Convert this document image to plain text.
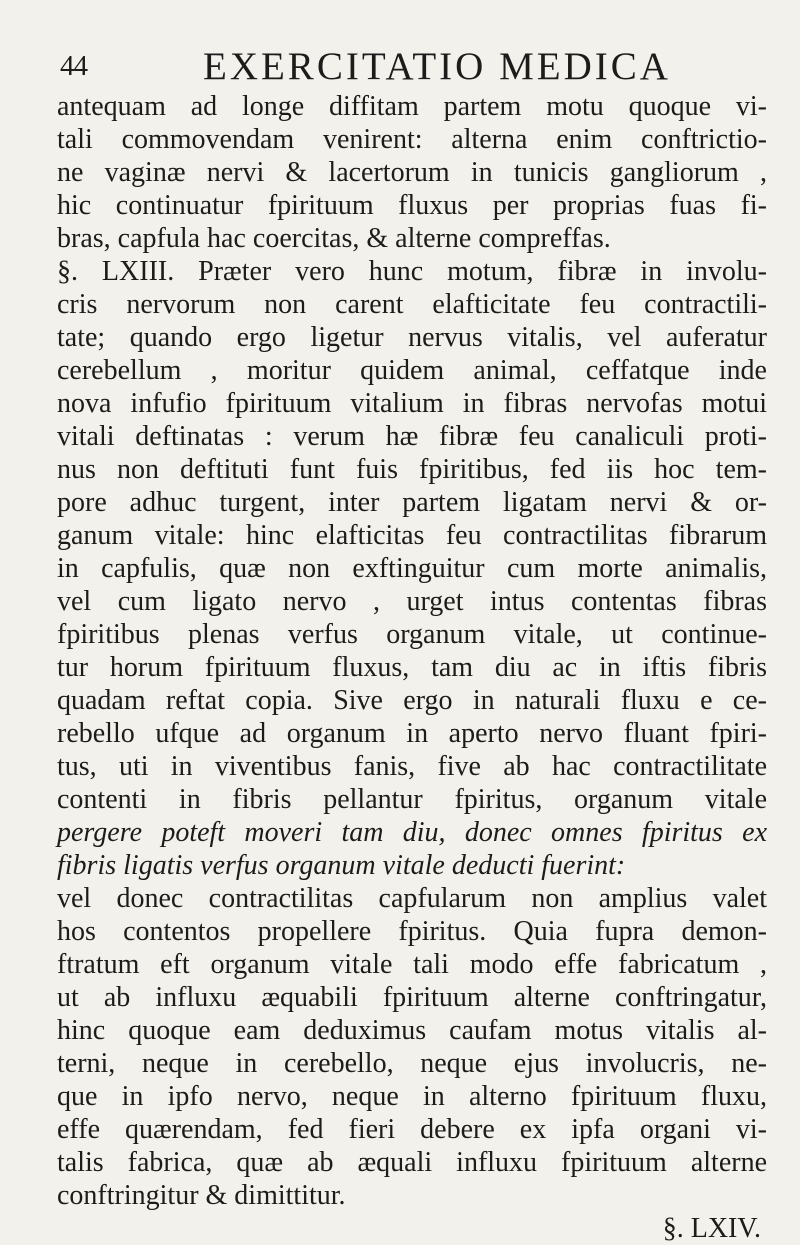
44	EXERCITATIO MEDICA
antequam ad longe diffitam partem motu quoque vi-
tali commovendam venirent: alterna enim conftrictio-
ne vaginæ nervi & lacertorum in tunicis gangliorum ,
hic continuatur fpirituum fluxus per proprias fuas fi-
bras, capfula hac coercitas, & alterne compreffas.
§. LXIII. Præter vero hunc motum, fibræ in involu-
cris nervorum non carent elafticitate feu contractili-
tate; quando ergo ligetur nervus vitalis, vel auferatur
cerebellum , moritur quidem animal, ceffatque inde
nova infufio fpirituum vitalium in fibras nervofas motui
vitali deftinatas : verum hæ fibræ feu canaliculi proti-
nus non deftituti funt fuis fpiritibus, fed iis hoc tem-
pore adhuc turgent, inter partem ligatam nervi & or-
ganum vitale: hinc elafticitas feu contractilitas fibrarum
in capfulis, quæ non exftinguitur cum morte animalis,
vel cum ligato nervo , urget intus contentas fibras
fpiritibus plenas verfus organum vitale, ut continue-
tur horum fpirituum fluxus, tam diu ac in iftis fibris
quadam reftat copia. Sive ergo in naturali fluxu e ce-
rebello ufque ad organum in aperto nervo fluant fpiri-
tus, uti in viventibus fanis, five ab hac contractilitate
contenti in fibris pellantur fpiritus, organum vitale
pergere poteft moveri tam diu, donec omnes fpiritus ex
fibris ligatis verfus organum vitale deducti fuerint:
vel donec contractilitas capfularum non amplius valet
hos contentos propellere fpiritus. Quia fupra demon-
ftratum eft organum vitale tali modo effe fabricatum ,
ut ab influxu æquabili fpirituum alterne conftringatur,
hinc quoque eam deduximus caufam motus vitalis al-
terni, neque in cerebello, neque ejus involucris, ne-
que in ipfo nervo, neque in alterno fpirituum fluxu,
effe quærendam, fed fieri debere ex ipfa organi vi-
talis fabrica, quæ ab æquali influxu fpirituum alterne
conftringitur & dimittitur.
§. LXIV.
